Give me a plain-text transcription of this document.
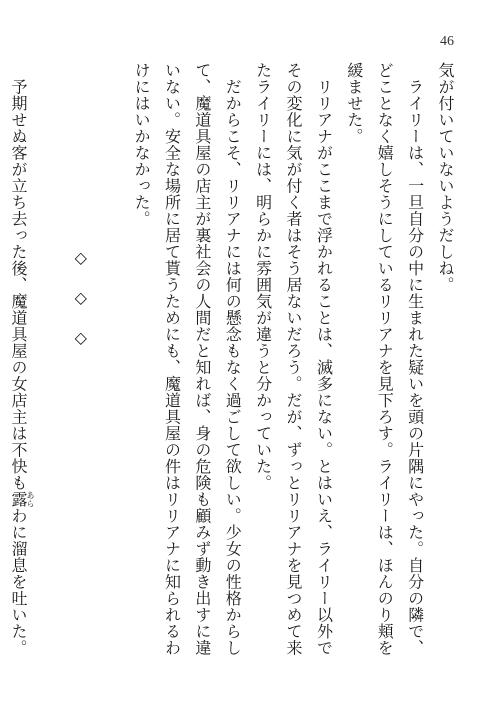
46

気が付いていないようだしね。

ライリーは、一旦自分の中に生まれた疑いを頭の片隅にやった。自分の隣で、どことなく嬉しそうにしているリリアナを見下ろす。ライリーは、ほんのり頬を緩ませた。

リリアナがここまで浮かれることは、滅多にない。とはいえ、ライリー以外でその変化に気が付く者はそう居ないだろう。だが、ずっとリリアナを見つめて来たライリーには、明らかに雰囲気が違うと分かっていた。

だからこそ、リリアナには何の懸念もなく過ごして欲しい。少女の性格からして、魔道具屋の店主が裏社会の人間だと知れば、身の危険も顧みず動き出すに違いない。安全な場所に居て貰うためにも、魔道具屋の件はリリアナに知られるわけにはいかなかった。

◇ ◇ ◇

予期せぬ客が立ち去った後、魔道具屋の女店主は不快も露あらわに溜息を吐いた。
